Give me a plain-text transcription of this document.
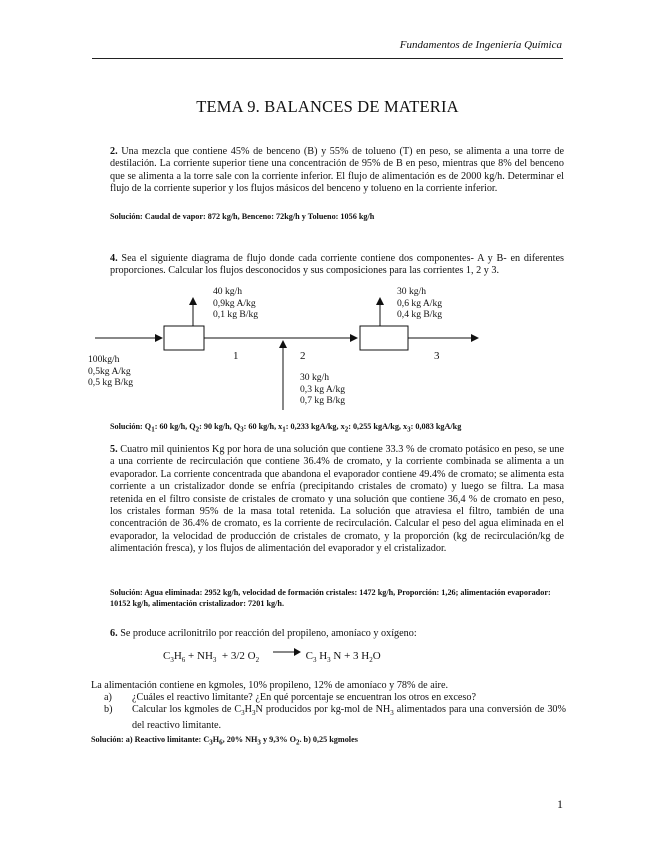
Fundamentos de Ingeniería Química
TEMA 9. BALANCES DE MATERIA
2. Una mezcla que contiene 45% de benceno (B) y 55% de tolueno (T) en peso, se alimenta a una torre de destilación. La corriente superior tiene una concentración de 95% de B en peso, mientras que 8% del benceno que se alimenta a la torre sale con la corriente inferior. El flujo de alimentación es de 2000 kg/h. Determinar el flujo de la corriente superior y los flujos másicos del benceno y tolueno en la corriente inferior.
Solución: Caudal de vapor: 872 kg/h, Benceno: 72kg/h y Tolueno: 1056 kg/h
4. Sea el siguiente diagrama de flujo donde cada corriente contiene dos componentes- A y B- en diferentes proporciones. Calcular los flujos desconocidos y sus composiciones para las corrientes 1, 2 y 3.
40 kg/h
0,9kg A/kg
0,1 kg B/kg
30 kg/h
0,6 kg A/kg
0,4 kg B/kg
100kg/h
0,5kg A/kg
0,5 kg B/kg	30 kg/h
0,3 kg A/kg
0,7 kg B/kg
1	2	3
Solución: $Q_1$: 60 kg/h, $Q_2$: 90 kg/h, $Q_3$: 60 kg/h, $x_1$: 0,233 kgA/kg, $x_2$: 0,255 kgA/kg, $x_3$: 0,083 kgA/kg
5. Cuatro mil quinientos Kg por hora de una solución que contiene 33.3 % de cromato potásico en peso, se une a una corriente de recirculación que contiene 36.4% de cromato, y la corriente combinada se alimenta a un evaporador. La corriente concentrada que abandona el evaporador contiene 49.4% de cromato; se alimenta esta corriente a un cristalizador donde se enfría (precipitando cristales de cromato) y luego se filtra. La masa retenida en el filtro consiste de cristales de cromato y una solución que contiene 36,4 % de cromato en peso, los cristales forman 95% de la masa total retenida. La solución que atraviesa el filtro, también de una concentración de 36.4% de cromato, es la corriente de recirculación. Calcular el peso del agua eliminada en el evaporador, la velocidad de producción de cristales de cromato, y la proporción (kg de recirculación/kg de alimentación fresca), y los flujos de alimentación del evaporador y el cristalizador.
Solución: Agua eliminada: 2952 kg/h, velocidad de formación cristales: 1472 kg/h, Proporción: 1,26; alimentación evaporador: 10152 kg/h, alimentación cristalizador: 7201 kg/h.
6. Se produce acrilonitrilo por reacción del propileno, amoníaco y oxígeno:
$C_3H_6 + NH_3 + 3/2$ $O_2$	$C_3$ $H_3$ N + 3 $H_2O$
La alimentación contiene en kgmoles, 10% propileno, 12% de amoníaco y 78% de aire.
a)	¿Cuáles el reactivo limitante? ¿En qué porcentaje se encuentran los otros en exceso?
b)	Calcular los kgmoles de $C_3H_3N$ producidos por kg-mol de $NH_3$ alimentados para una conversión de 30% del reactivo limitante.
Solución: a) Reactivo limitante: $C_3H_6$, 20% $NH_3$ y 9,3% $O_2$. b) 0,25 kgmoles
1
